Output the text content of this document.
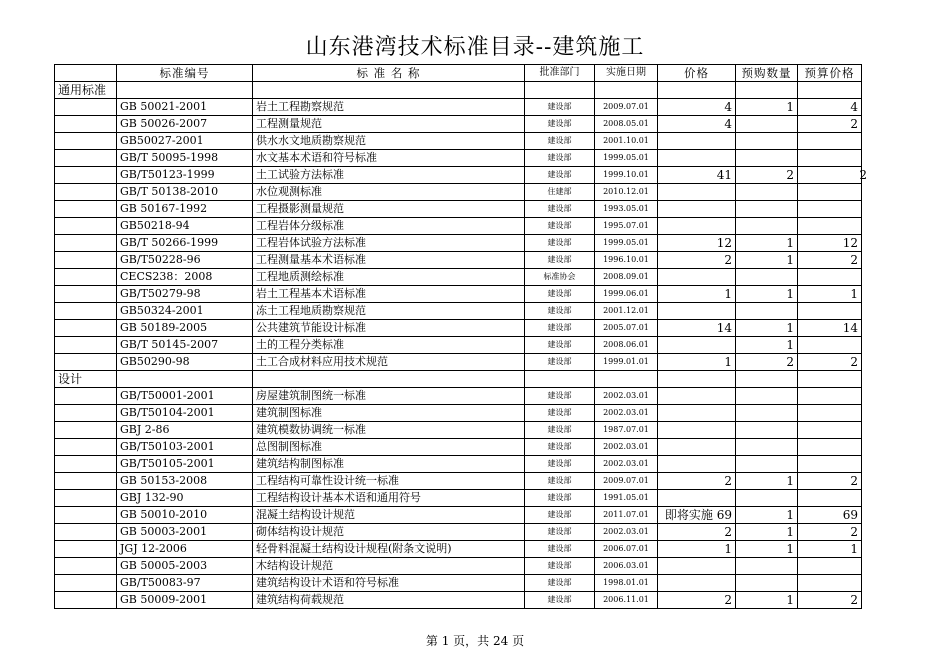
山东港湾技术标准目录--建筑施工
	标准编号	标 准 名 称	批准部门	实施日期	价格	预购数量	预算价格
通用标准							
	GB 50021-2001	岩土工程勘察规范	建设部	2009.07.01	4	1	4
	GB 50026-2007	工程测量规范	建设部	2008.05.01	4		2
	GB50027-2001	供水水文地质勘察规范	建设部	2001.10.01			
	GB/T 50095-1998	水文基本术语和符号标准	建设部	1999.05.01			
	GB/T50123-1999	土工试验方法标准	建设部	1999.10.01	41	2	2

	GB/T 50138-2010	水位观测标准	住建部	2010.12.01			
	GB 50167-1992	工程摄影测量规范	建设部	1993.05.01			
	GB50218-94	工程岩体分级标准	建设部	1995.07.01			
	GB/T 50266-1999	工程岩体试验方法标准	建设部	1999.05.01	12	1	12
	GB/T50228-96	工程测量基本术语标准	建设部	1996.10.01	2	1	2
	CECS238：2008	工程地质测绘标准	标准协会	2008.09.01			
	GB/T50279-98	岩土工程基本术语标准	建设部	1999.06.01	1	1	1
	GB50324-2001	冻土工程地质勘察规范	建设部	2001.12.01			
	GB 50189-2005	公共建筑节能设计标准	建设部	2005.07.01	14	1	14
	GB/T 50145-2007	土的工程分类标准	建设部	2008.06.01		1	
	GB50290-98	土工合成材料应用技术规范	建设部	1999.01.01	1	2	2
设计							
	GB/T50001-2001	房屋建筑制图统一标准	建设部	2002.03.01			
	GB/T50104-2001	建筑制图标准	建设部	2002.03.01			
	GBJ 2-86	建筑模数协调统一标准	建设部	1987.07.01			
	GB/T50103-2001	总图制图标准	建设部	2002.03.01			
	GB/T50105-2001	建筑结构制图标准	建设部	2002.03.01			
	GB 50153-2008	工程结构可靠性设计统一标准	建设部	2009.07.01	2	1	2
	GBJ 132-90	工程结构设计基本术语和通用符号	建设部	1991.05.01			
	GB 50010-2010	混凝土结构设计规范	建设部	2011.07.01	即将实施 69	1	69
	GB 50003-2001	砌体结构设计规范	建设部	2002.03.01	2	1	2
	JGJ 12-2006	轻骨料混凝土结构设计规程(附条文说明)	建设部	2006.07.01	1	1	1
	GB 50005-2003	木结构设计规范	建设部	2006.03.01			
	GB/T50083-97	建筑结构设计术语和符号标准	建设部	1998.01.01			
	GB 50009-2001	建筑结构荷载规范	建设部	2006.11.01	2	1	2
第 1 页，共 24 页
